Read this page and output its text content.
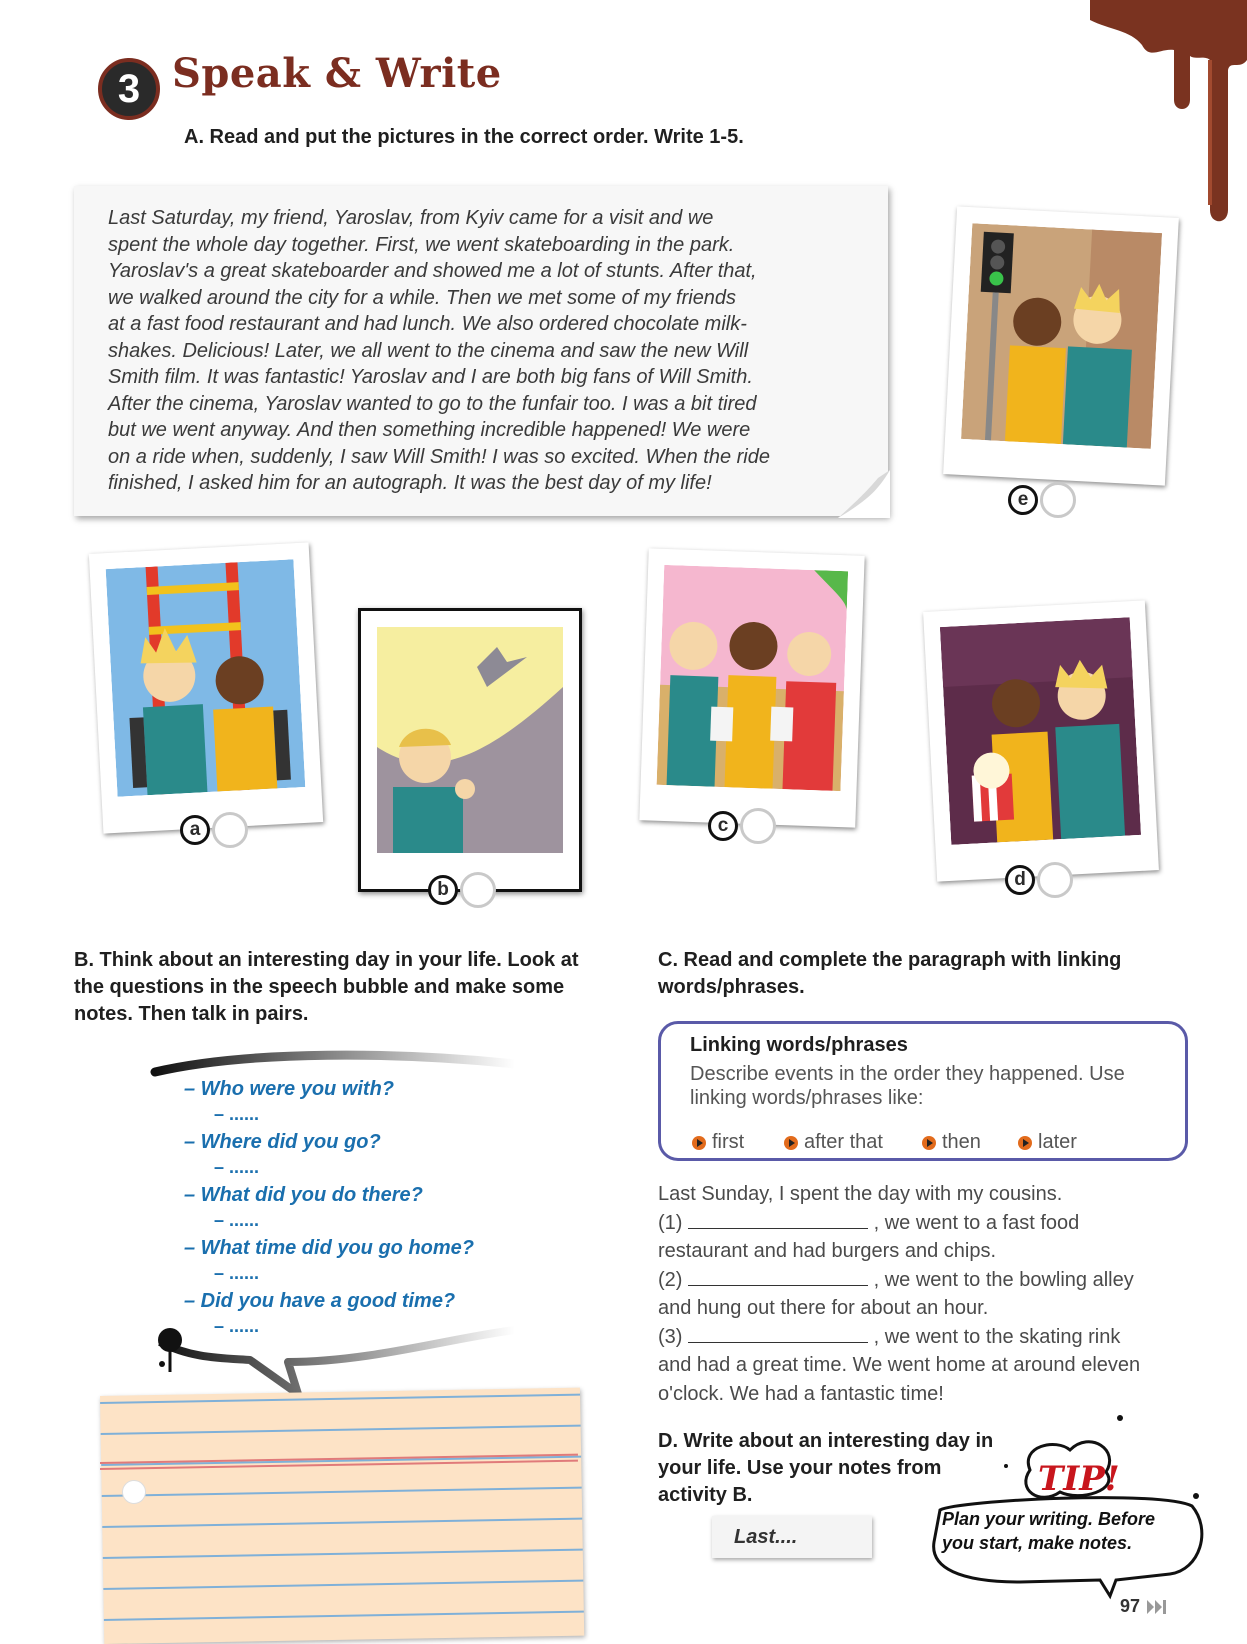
3 Speak & Write
A. Read and put the pictures in the correct order. Write 1-5.
Last Saturday, my friend, Yaroslav, from Kyiv came for a visit and we
spent the whole day together. First, we went skateboarding in the park.
Yaroslav's a great skateboarder and showed me a lot of stunts. After that,
we walked around the city for a while. Then we met some of my friends
at a fast food restaurant and had lunch. We also ordered chocolate milk-
shakes. Delicious! Later, we all went to the cinema and saw the new Will
Smith film. It was fantastic! Yaroslav and I are both big fans of Will Smith.
After the cinema, Yaroslav wanted to go to the funfair too. I was a bit tired
but we went anyway. And then something incredible happened! We were
on a ride when, suddenly, I saw Will Smith! I was so excited. When the ride
finished, I asked him for an autograph. It was the best day of my life!
e
a
b
c
d
B. Think about an interesting day in your life. Look at the questions in the speech bubble and make some notes. Then talk in pairs.
– Who were you with?
– ......
– Where did you go?
– ......
– What did you do there?
– ......
– What time did you go home?
– ......
– Did you have a good time?
– ......
C. Read and complete the paragraph with linking words/phrases.
Linking words/phrases
Describe events in the order they happened. Use linking words/phrases like:
first	after that	then	later
Last Sunday, I spent the day with my cousins.
(1)	, we went to a fast food
restaurant and had burgers and chips.
(2)	, we went to the bowling alley
and hung out there for about an hour.
(3)	, we went to the skating rink
and had a great time. We went home at around eleven
o'clock. We had a fantastic time!
D. Write about an interesting day in your life. Use your notes from activity B.
Last....
TIP!
Plan your writing. Before you start, make notes.
97
